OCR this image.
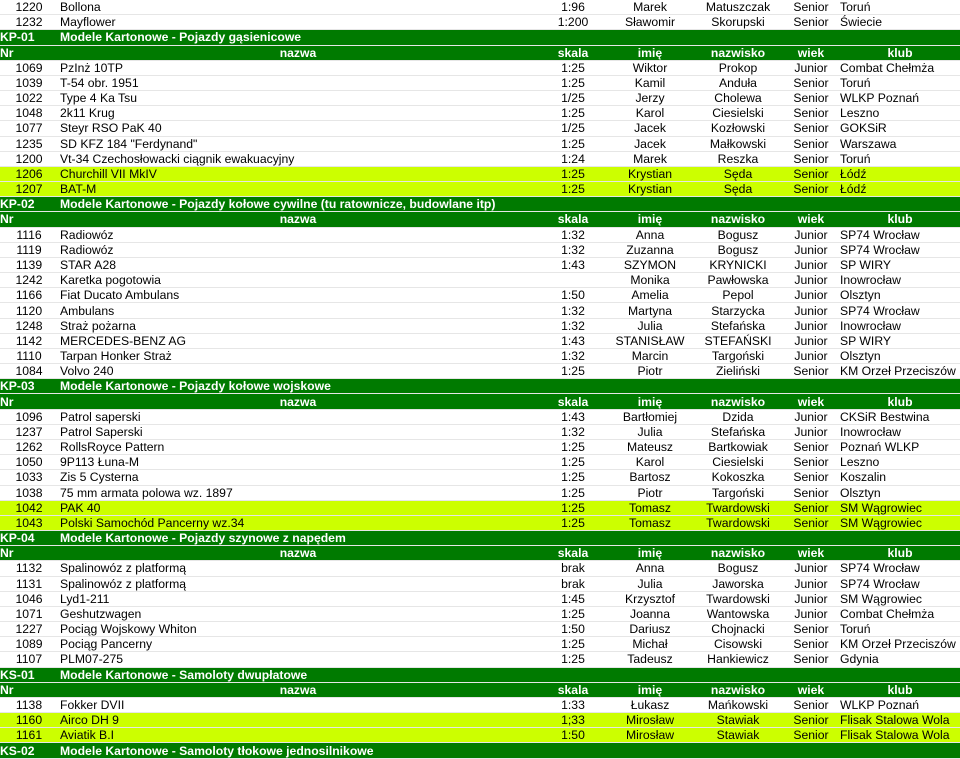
1220	Bollona	1:96	Marek	Matuszczak	Senior	Toruń
1232	Mayflower	1:200	Sławomir	Skorupski	Senior	Świecie
KP-01	Modele Kartonowe - Pojazdy gąsienicowe					
Nr	nazwa	skala	imię	nazwisko	wiek	klub
1069	PzInż 10TP	1:25	Wiktor	Prokop	Junior	Combat Chełmża
1039	T-54 obr. 1951	1:25	Kamil	Anduła	Senior	Toruń
1022	Type 4 Ka Tsu	1/25	Jerzy	Cholewa	Senior	WLKP Poznań
1048	2k11 Krug	1:25	Karol	Ciesielski	Senior	Leszno
1077	Steyr RSO PaK 40	1/25	Jacek	Kozłowski	Senior	GOKSiR
1235	SD KFZ 184 "Ferdynand"	1:25	Jacek	Małkowski	Senior	Warszawa
1200	Vt-34 Czechosłowacki ciągnik ewakuacyjny	1:24	Marek	Reszka	Senior	Toruń
1206	Churchill VII MkIV	1:25	Krystian	Sęda	Senior	Łódź
1207	BAT-M	1:25	Krystian	Sęda	Senior	Łódź
KP-02	Modele Kartonowe - Pojazdy kołowe cywilne (tu ratownicze, budowlane itp)					
Nr	nazwa	skala	imię	nazwisko	wiek	klub
1116	Radiowóz	1:32	Anna	Bogusz	Junior	SP74 Wrocław
1119	Radiowóz	1:32	Zuzanna	Bogusz	Junior	SP74 Wrocław
1139	STAR A28	1:43	SZYMON	KRYNICKI	Junior	SP WIRY
1242	Karetka pogotowia		Monika	Pawłowska	Junior	Inowrocław
1166	Fiat Ducato Ambulans	1:50	Amelia	Pepol	Junior	Olsztyn
1120	Ambulans	1:32	Martyna	Starzycka	Junior	SP74 Wrocław
1248	Straż pożarna	1:32	Julia	Stefańska	Junior	Inowrocław
1142	MERCEDES-BENZ AG	1:43	STANISŁAW	STEFAŃSKI	Junior	SP WIRY
1110	Tarpan Honker Straż	1:32	Marcin	Targoński	Junior	Olsztyn
1084	Volvo 240	1:25	Piotr	Zieliński	Senior	KM Orzeł Przeciszów
KP-03	Modele Kartonowe - Pojazdy kołowe wojskowe					
Nr	nazwa	skala	imię	nazwisko	wiek	klub
1096	Patrol saperski	1:43	Bartłomiej	Dzida	Junior	CKSiR Bestwina
1237	Patrol Saperski	1:32	Julia	Stefańska	Junior	Inowrocław
1262	RollsRoyce Pattern	1:25	Mateusz	Bartkowiak	Senior	Poznań WLKP
1050	9P113 Łuna-M	1:25	Karol	Ciesielski	Senior	Leszno
1033	Zis 5 Cysterna	1:25	Bartosz	Kokoszka	Senior	Koszalin
1038	75 mm armata polowa wz. 1897	1:25	Piotr	Targoński	Senior	Olsztyn
1042	PAK 40	1:25	Tomasz	Twardowski	Senior	SM Wągrowiec
1043	Polski Samochód Pancerny wz.34	1:25	Tomasz	Twardowski	Senior	SM Wągrowiec
KP-04	Modele Kartonowe - Pojazdy szynowe z napędem					
Nr	nazwa	skala	imię	nazwisko	wiek	klub
1132	Spalinowóz z platformą	brak	Anna	Bogusz	Junior	SP74 Wrocław
1131	Spalinowóz z platformą	brak	Julia	Jaworska	Junior	SP74 Wrocław
1046	Lyd1-211	1:45	Krzysztof	Twardowski	Junior	SM Wągrowiec
1071	Geshutzwagen	1:25	Joanna	Wantowska	Junior	Combat Chełmża
1227	Pociąg Wojskowy Whiton	1:50	Dariusz	Chojnacki	Senior	Toruń
1089	Pociąg Pancerny	1:25	Michał	Cisowski	Senior	KM Orzeł Przeciszów
1107	PLM07-275	1:25	Tadeusz	Hankiewicz	Senior	Gdynia
KS-01	Modele Kartonowe - Samoloty dwupłatowe					
Nr	nazwa	skala	imię	nazwisko	wiek	klub
1138	Fokker DVII	1:33	Łukasz	Mańkowski	Senior	WLKP Poznań
1160	Airco DH 9	1;33	Mirosław	Stawiak	Senior	Flisak Stalowa Wola
1161	Aviatik B.I	1:50	Mirosław	Stawiak	Senior	Flisak Stalowa Wola
KS-02	Modele Kartonowe - Samoloty tłokowe jednosilnikowe					
